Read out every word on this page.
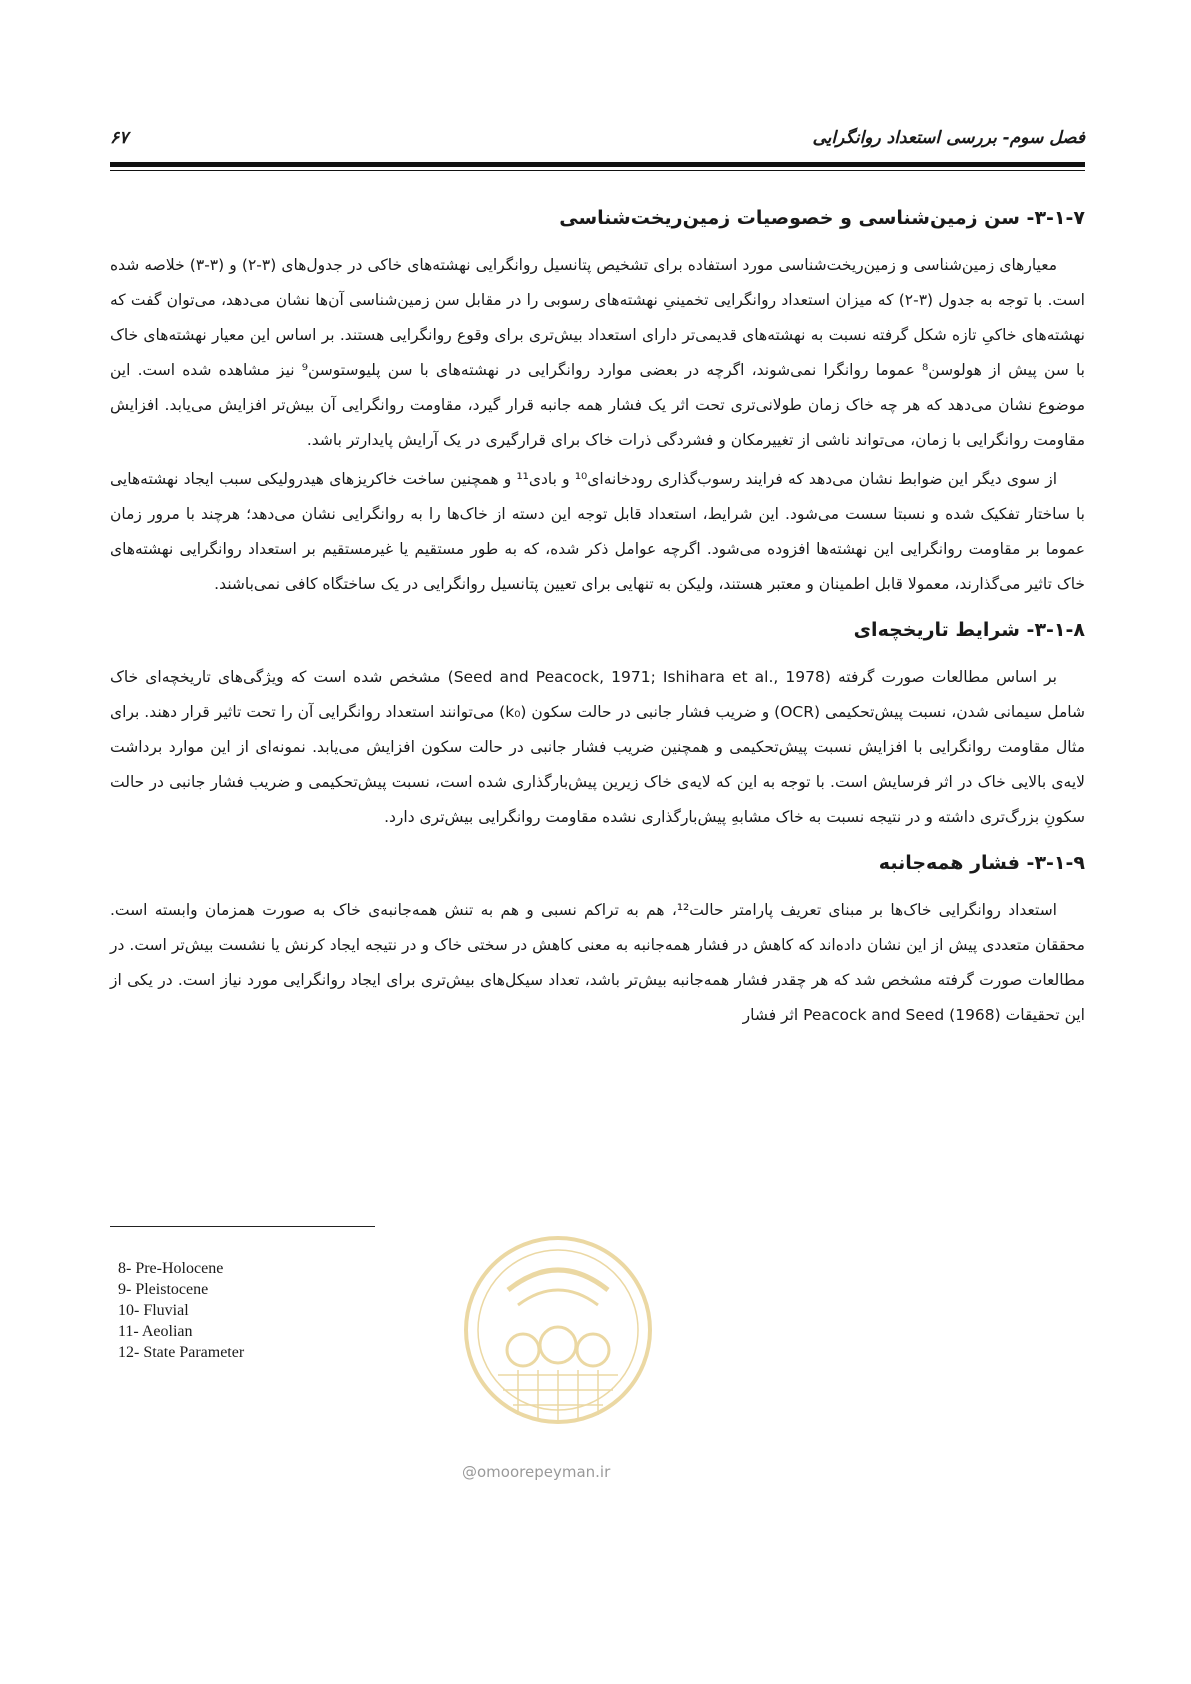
فصل سوم- بررسی استعداد روانگرایی
۶۷
۳-۱-۷- سن زمین‌شناسی و خصوصیات زمین‌ریخت‌شناسی

معیارهای زمین‌شناسی و زمین‌ریخت‌شناسی مورد استفاده برای تشخیص پتانسیل روانگرایی نهشته‌های خاکی در جدول‌های (۳-۲) و (۳-۳) خلاصه شده است. با توجه به جدول (۳-۲) که میزان استعداد روانگرایی تخمینیِ نهشته‌های رسوبی را در مقابل سن زمین‌شناسی آن‌ها نشان می‌دهد، می‌توان گفت که نهشته‌های خاکیِ تازه شکل گرفته نسبت به نهشته‌های قدیمی‌تر دارای استعداد بیش‌تری برای وقوع روانگرایی هستند. بر اساس این معیار نهشته‌های خاک با سن پیش از هولوسن⁸ عموما روانگرا نمی‌شوند، اگرچه در بعضی موارد روانگرایی در نهشته‌های با سن پلیوستوسن⁹ نیز مشاهده شده است. این موضوع نشان می‌دهد که هر چه خاک زمان طولانی‌تری تحت اثر یک فشار همه جانبه قرار گیرد، مقاومت روانگرایی آن بیش‌تر افزایش می‌یابد. افزایش مقاومت روانگرایی با زمان، می‌تواند ناشی از تغییرمکان و فشردگی ذرات خاک برای قرارگیری در یک آرایش پایدارتر باشد.

از سوی دیگر این ضوابط نشان می‌دهد که فرایند رسوب‌گذاری رودخانه‌ای¹⁰ و بادی¹¹ و همچنین ساخت خاکریزهای هیدرولیکی سبب ایجاد نهشته‌هایی با ساختار تفکیک شده و نسبتا سست می‌شود. این شرایط، استعداد قابل توجه این دسته از خاک‌ها را به روانگرایی نشان می‌دهد؛ هرچند با مرور زمان عموما بر مقاومت روانگرایی این نهشته‌ها افزوده می‌شود. اگرچه عوامل ذکر شده، که به طور مستقیم یا غیرمستقیم بر استعداد روانگرایی نهشته‌های خاک تاثیر می‌گذارند، معمولا قابل اطمینان و معتبر هستند، ولیکن به تنهایی برای تعیین پتانسیل روانگرایی در یک ساختگاه کافی نمی‌باشند.

۳-۱-۸- شرایط تاریخچه‌ای

بر اساس مطالعات صورت گرفته (Seed and Peacock, 1971; Ishihara et al., 1978) مشخص شده است که ویژگی‌های تاریخچه‌ای خاک شامل سیمانی شدن، نسبت پیش‌تحکیمی (OCR) و ضریب فشار جانبی در حالت سکون (k₀) می‌توانند استعداد روانگرایی آن را تحت تاثیر قرار دهند. برای مثال مقاومت روانگرایی با افزایش نسبت پیش‌تحکیمی و همچنین ضریب فشار جانبی در حالت سکون افزایش می‌یابد. نمونه‌ای از این موارد برداشت لایه‌ی بالایی خاک در اثر فرسایش است. با توجه به این که لایه‌ی خاک زیرین پیش‌بارگذاری شده است، نسبت پیش‌تحکیمی و ضریب فشار جانبی در حالت سکونِ بزرگ‌تری داشته و در نتیجه نسبت به خاک مشابهِ پیش‌بارگذاری نشده مقاومت روانگرایی بیش‌تری دارد.

۳-۱-۹- فشار همه‌جانبه

استعداد روانگرایی خاک‌ها بر مبنای تعریف پارامتر حالت¹²، هم به تراکم نسبی و هم به تنش همه‌جانبه‌ی خاک به صورت همزمان وابسته است. محققان متعددی پیش از این نشان داده‌اند که کاهش در فشار همه‌جانبه به معنی کاهش در سختی خاک و در نتیجه ایجاد کرنش یا نشست بیش‌تر است. در مطالعات صورت گرفته مشخص شد که هر چقدر فشار همه‌جانبه بیش‌تر باشد، تعداد سیکل‌های بیش‌تری برای ایجاد روانگرایی مورد نیاز است. در یکی از این تحقیقات Peacock and Seed (1968) اثر فشار

@omoorepeyman.ir
8- Pre-Holocene
9- Pleistocene
10- Fluvial
11- Aeolian
12- State Parameter
